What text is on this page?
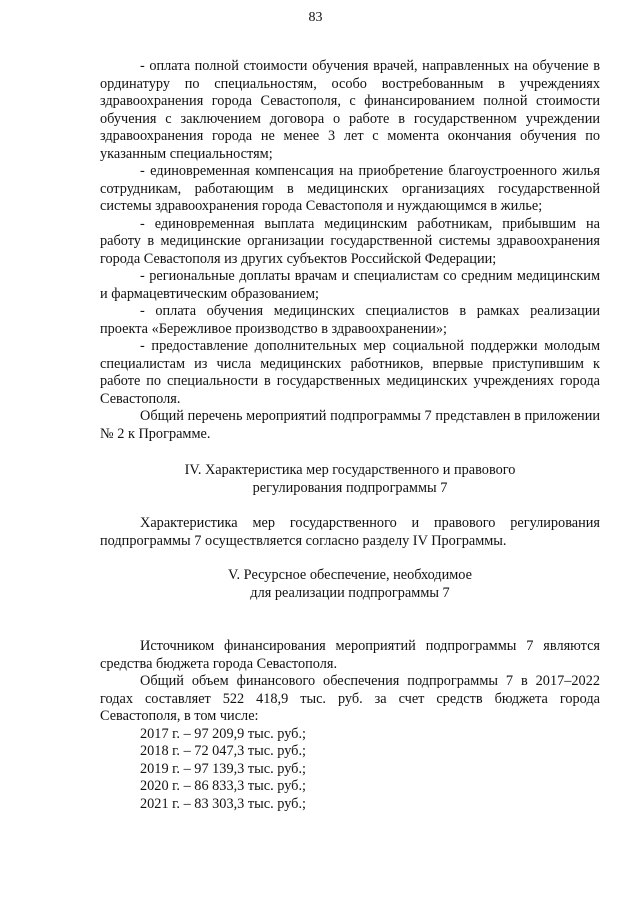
83

- оплата полной стоимости обучения врачей, направленных на обучение в ординатуру по специальностям, особо востребованным в учреждениях здравоохранения города Севастополя, с финансированием полной стоимости обучения с заключением договора о работе в государственном учреждении здравоохранения города не менее 3 лет с момента окончания обучения по указанным специальностям;

- единовременная компенсация на приобретение благоустроенного жилья сотрудникам, работающим в медицинских организациях государственной системы здравоохранения города Севастополя и нуждающимся в жилье;

- единовременная выплата медицинским работникам, прибывшим на работу в медицинские организации государственной системы здравоохранения города Севастополя из других субъектов Российской Федерации;

- региональные доплаты врачам и специалистам со средним медицинским и фармацевтическим образованием;

- оплата обучения медицинских специалистов в рамках реализации проекта «Бережливое производство в здравоохранении»;

- предоставление дополнительных мер социальной поддержки молодым специалистам из числа медицинских работников, впервые приступившим к работе по специальности в государственных медицинских учреждениях города Севастополя.

Общий перечень мероприятий подпрограммы 7 представлен в приложении № 2 к Программе.

IV. Характеристика мер государственного и правового
регулирования подпрограммы 7

Характеристика мер государственного и правового регулирования подпрограммы 7 осуществляется согласно разделу IV Программы.

V. Ресурсное обеспечение, необходимое
для реализации подпрограммы 7

Источником финансирования мероприятий подпрограммы 7 являются средства бюджета города Севастополя.

Общий объем финансового обеспечения подпрограммы 7 в 2017–2022 годах составляет 522 418,9 тыс. руб. за счет средств бюджета города Севастополя, в том числе:

2017 г. – 97 209,9 тыс. руб.;
2018 г. – 72 047,3 тыс. руб.;
2019 г. – 97 139,3 тыс. руб.;
2020 г. – 86 833,3 тыс. руб.;
2021 г. – 83 303,3 тыс. руб.;
